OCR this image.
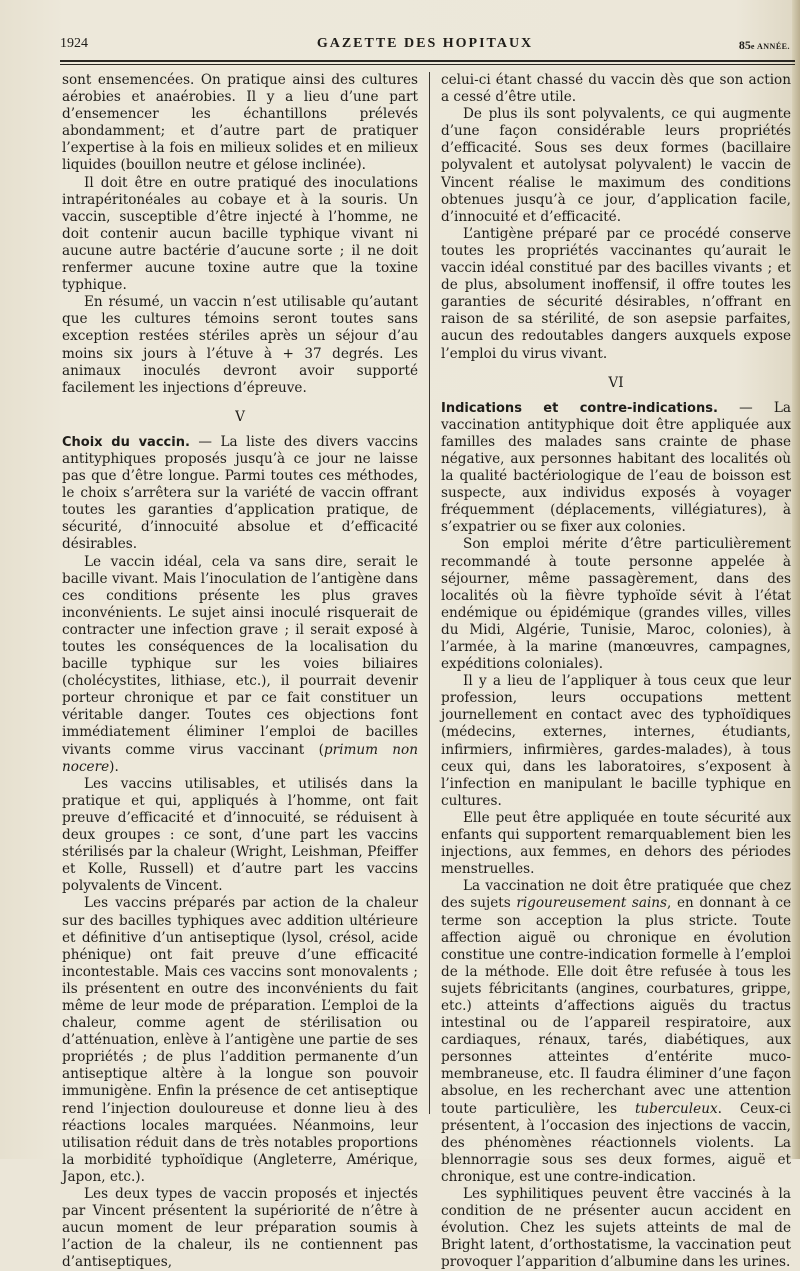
1924	GAZETTE DES HOPITAUX	85e ANNÉE.

sont ensemencées. On pratique ainsi des cultures aérobies et anaérobies. Il y a lieu d’une part d’ensemencer les échantillons prélevés abondamment; et d’autre part de pratiquer l’expertise à la fois en milieux solides et en milieux liquides (bouillon neutre et gélose inclinée).

Il doit être en outre pratiqué des inoculations intrapéritonéales au cobaye et à la souris. Un vaccin, susceptible d’être injecté à l’homme, ne doit contenir aucun bacille typhique vivant ni aucune autre bactérie d’aucune sorte ; il ne doit renfermer aucune toxine autre que la toxine typhique.

En résumé, un vaccin n’est utilisable qu’autant que les cultures témoins seront toutes sans exception restées stériles après un séjour d’au moins six jours à l’étuve à + 37 degrés. Les animaux inoculés devront avoir supporté facilement les injections d’épreuve.

V

Choix du vaccin. — La liste des divers vaccins antityphiques proposés jusqu’à ce jour ne laisse pas que d’être longue. Parmi toutes ces méthodes, le choix s’arrêtera sur la variété de vaccin offrant toutes les garanties d’application pratique, de sécurité, d’innocuité absolue et d’efficacité désirables.

Le vaccin idéal, cela va sans dire, serait le bacille vivant. Mais l’inoculation de l’antigène dans ces conditions présente les plus graves inconvénients. Le sujet ainsi inoculé risquerait de contracter une infection grave ; il serait exposé à toutes les conséquences de la localisation du bacille typhique sur les voies biliaires (cholécystites, lithiase, etc.), il pourrait devenir porteur chronique et par ce fait constituer un véritable danger. Toutes ces objections font immédiatement éliminer l’emploi de bacilles vivants comme virus vaccinant (primum non nocere).

Les vaccins utilisables, et utilisés dans la pratique et qui, appliqués à l’homme, ont fait preuve d’efficacité et d’innocuité, se réduisent à deux groupes : ce sont, d’une part les vaccins stérilisés par la chaleur (Wright, Leishman, Pfeiffer et Kolle, Russell) et d’autre part les vaccins polyvalents de Vincent.

Les vaccins préparés par action de la chaleur sur des bacilles typhiques avec addition ultérieure et définitive d’un antiseptique (lysol, crésol, acide phénique) ont fait preuve d’une efficacité incontestable. Mais ces vaccins sont monovalents ; ils présentent en outre des inconvénients du fait même de leur mode de préparation. L’emploi de la chaleur, comme agent de stérilisation ou d’atténuation, enlève à l’antigène une partie de ses propriétés ; de plus l’addition permanente d’un antiseptique altère à la longue son pouvoir immunigène. Enfin la présence de cet antiseptique rend l’injection douloureuse et donne lieu à des réactions locales marquées. Néanmoins, leur utilisation réduit dans de très notables proportions la morbidité typhoïdique (Angleterre, Amérique, Japon, etc.).

Les deux types de vaccin proposés et injectés par Vincent présentent la supériorité de n’être à aucun moment de leur préparation soumis à l’action de la chaleur, ils ne contiennent pas d’antiseptiques,

celui-ci étant chassé du vaccin dès que son action a cessé d’être utile.

De plus ils sont polyvalents, ce qui augmente d’une façon considérable leurs propriétés d’efficacité. Sous ses deux formes (bacillaire polyvalent et autolysat polyvalent) le vaccin de Vincent réalise le maximum des conditions obtenues jusqu’à ce jour, d’application facile, d’innocuité et d’efficacité.

L’antigène préparé par ce procédé conserve toutes les propriétés vaccinantes qu’aurait le vaccin idéal constitué par des bacilles vivants ; et de plus, absolument inoffensif, il offre toutes les garanties de sécurité désirables, n’offrant en raison de sa stérilité, de son asepsie parfaites, aucun des redoutables dangers auxquels expose l’emploi du virus vivant.

VI

Indications et contre-indications. — La vaccination antityphique doit être appliquée aux familles des malades sans crainte de phase négative, aux personnes habitant des localités où la qualité bactériologique de l’eau de boisson est suspecte, aux individus exposés à voyager fréquemment (déplacements, villégiatures), à s’expatrier ou se fixer aux colonies.

Son emploi mérite d’être particulièrement recommandé à toute personne appelée à séjourner, même passagèrement, dans des localités où la fièvre typhoïde sévit à l’état endémique ou épidémique (grandes villes, villes du Midi, Algérie, Tunisie, Maroc, colonies), à l’armée, à la marine (manœuvres, campagnes, expéditions coloniales).

Il y a lieu de l’appliquer à tous ceux que leur profession, leurs occupations mettent journellement en contact avec des typhoïdiques (médecins, externes, internes, étudiants, infirmiers, infirmières, gardes-malades), à tous ceux qui, dans les laboratoires, s’exposent à l’infection en manipulant le bacille typhique en cultures.

Elle peut être appliquée en toute sécurité aux enfants qui supportent remarquablement bien les injections, aux femmes, en dehors des périodes menstruelles.

La vaccination ne doit être pratiquée que chez des sujets rigoureusement sains, en donnant à ce terme son acception la plus stricte. Toute affection aiguë ou chronique en évolution constitue une contre-indication formelle à l’emploi de la méthode. Elle doit être refusée à tous les sujets fébricitants (angines, courbatures, grippe, etc.) atteints d’affections aiguës du tractus intestinal ou de l’appareil respiratoire, aux cardiaques, rénaux, tarés, diabétiques, aux personnes atteintes d’entérite muco-membraneuse, etc. Il faudra éliminer d’une façon absolue, en les recherchant avec une attention toute particulière, les tuberculeux. Ceux-ci présentent, à l’occasion des injections de vaccin, des phénomènes réactionnels violents. La blennorragie sous ses deux formes, aiguë et chronique, est une contre-indication.

Les syphilitiques peuvent être vaccinés à la condition de ne présenter aucun accident en évolution. Chez les sujets atteints de mal de Bright latent, d’orthostatisme, la vaccination peut provoquer l’apparition d’albumine dans les urines.
